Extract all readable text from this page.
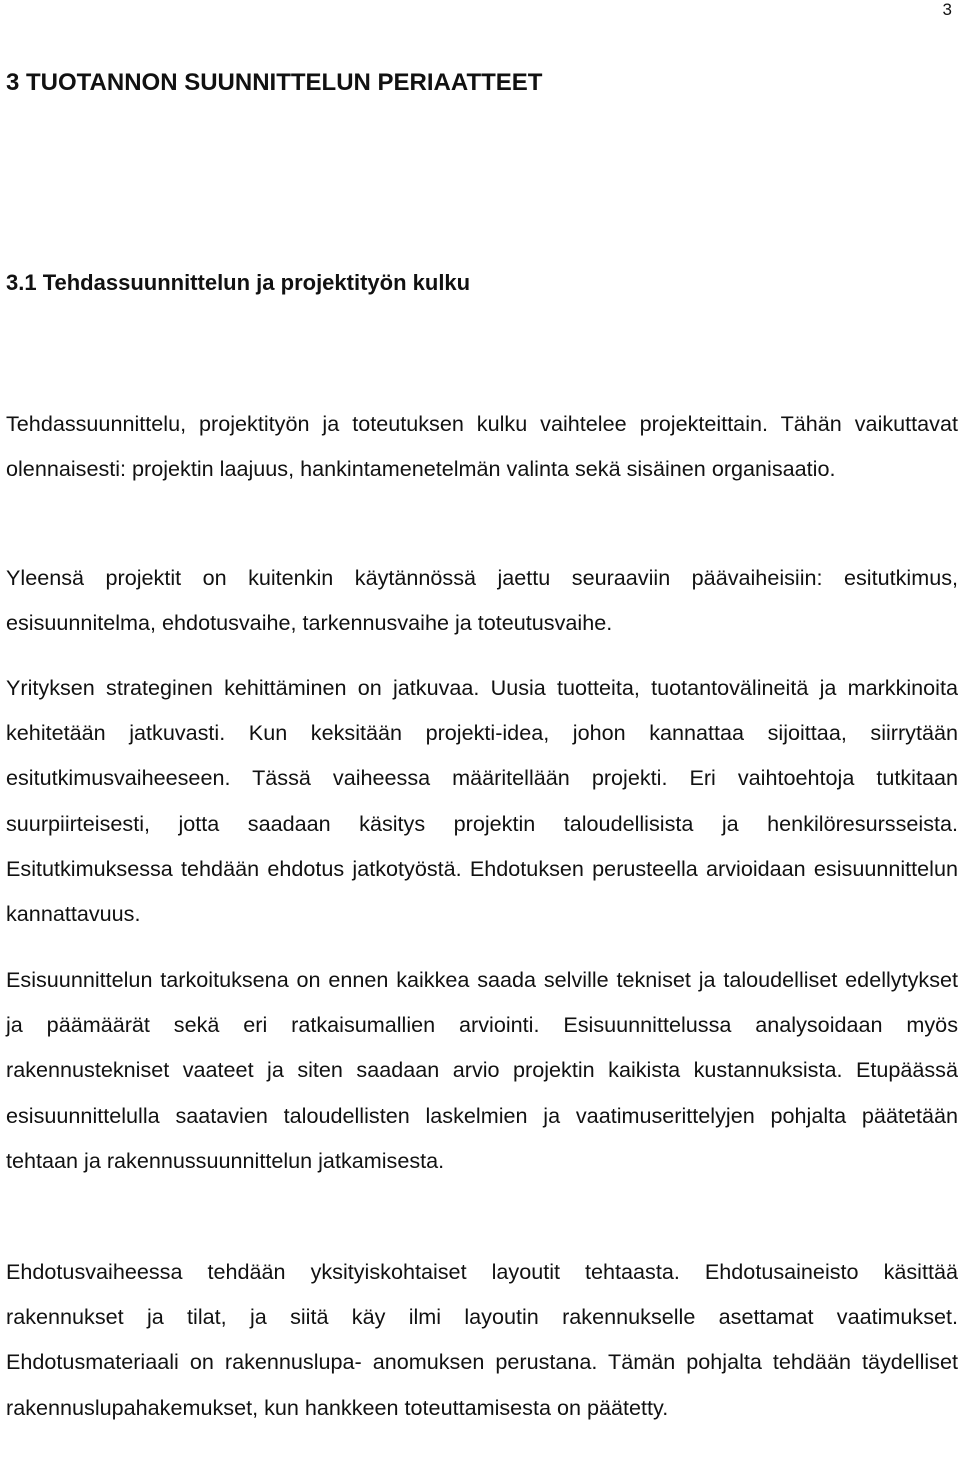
3
3 TUOTANNON SUUNNITTELUN PERIAATTEET
3.1 Tehdassuunnittelun ja projektityön kulku

Tehdassuunnittelu, projektityön ja toteutuksen kulku vaihtelee projekteittain. Tähän vaikuttavat olennaisesti: projektin laajuus, hankintamenetelmän valinta sekä sisäinen organisaatio.

Yleensä projektit on kuitenkin käytännössä jaettu seuraaviin päävaiheisiin: esitutkimus, esisuunnitelma, ehdotusvaihe, tarkennusvaihe ja toteutusvaihe.

Yrityksen strateginen kehittäminen on jatkuvaa. Uusia tuotteita, tuotantovälineitä ja markkinoita kehitetään jatkuvasti. Kun keksitään projekti-idea, johon kannattaa sijoittaa, siirrytään esitutkimusvaiheeseen. Tässä vaiheessa määritellään projekti. Eri vaihtoehtoja tutkitaan suurpiirteisesti, jotta saadaan käsitys projektin taloudellisista ja henkilöresursseista. Esitutkimuksessa tehdään ehdotus jatkotyöstä. Ehdotuksen perusteella arvioidaan esisuunnittelun kannattavuus.

Esisuunnittelun tarkoituksena on ennen kaikkea saada selville tekniset ja taloudelliset edellytykset ja päämäärät sekä eri ratkaisumallien arviointi. Esisuunnittelussa analysoidaan myös rakennustekniset vaateet ja siten saadaan arvio projektin kaikista kustannuksista. Etupäässä esisuunnittelulla saatavien taloudellisten laskelmien ja vaatimuserittelyjen pohjalta päätetään tehtaan ja rakennussuunnittelun jatkamisesta.

Ehdotusvaiheessa tehdään yksityiskohtaiset layoutit tehtaasta. Ehdotusaineisto käsittää rakennukset ja tilat, ja siitä käy ilmi layoutin rakennukselle asettamat vaatimukset. Ehdotusmateriaali on rakennuslupa- anomuksen perustana. Tämän pohjalta tehdään täydelliset rakennuslupahakemukset, kun hankkeen toteuttamisesta on päätetty.
